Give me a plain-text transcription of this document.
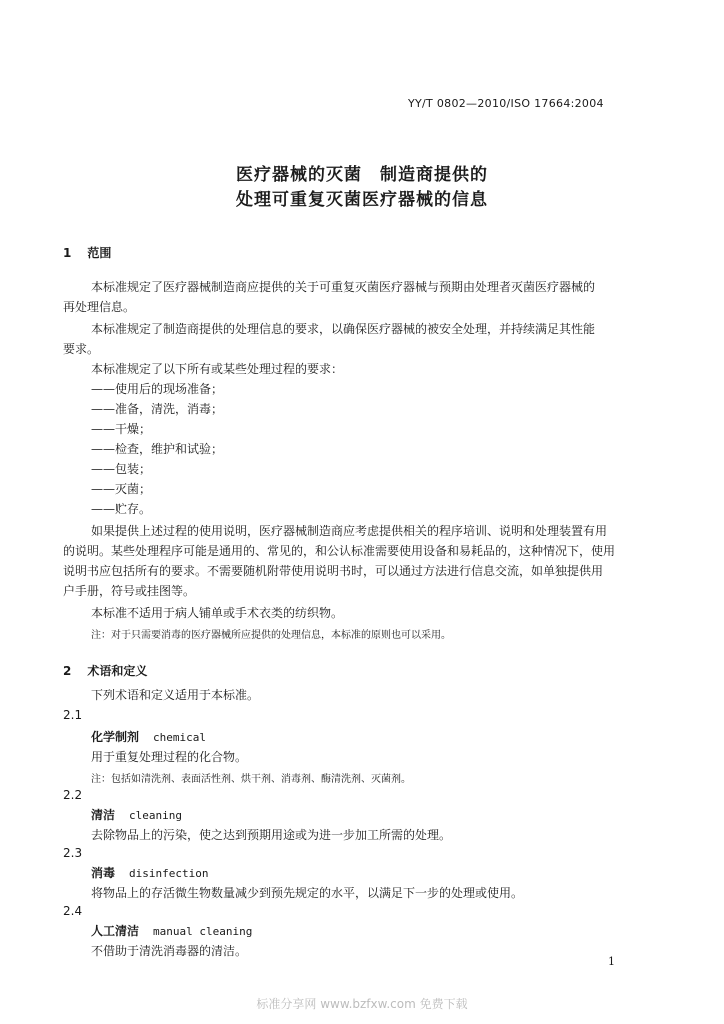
YY/T 0802—2010/ISO 17664:2004
医疗器械的灭菌　制造商提供的
处理可重复灭菌医疗器械的信息
1 范围
本标准规定了医疗器械制造商应提供的关于可重复灭菌医疗器械与预期由处理者灭菌医疗器械的
再处理信息。
本标准规定了制造商提供的处理信息的要求，以确保医疗器械的被安全处理，并持续满足其性能
要求。
本标准规定了以下所有或某些处理过程的要求：
——使用后的现场准备；
——准备，清洗，消毒；
——干燥；
——检查，维护和试验；
——包装；
——灭菌；
——贮存。
如果提供上述过程的使用说明，医疗器械制造商应考虑提供相关的程序培训、说明和处理装置有用
的说明。某些处理程序可能是通用的、常见的，和公认标准需要使用设备和易耗品的，这种情况下，使用
说明书应包括所有的要求。不需要随机附带使用说明书时，可以通过方法进行信息交流，如单独提供用
户手册，符号或挂图等。
本标准不适用于病人铺单或手术衣类的纺织物。
注：对于只需要消毒的医疗器械所应提供的处理信息，本标准的原则也可以采用。
2 术语和定义
下列术语和定义适用于本标准。
2.1
化学制剂 chemical
用于重复处理过程的化合物。
注：包括如清洗剂、表面活性剂、烘干剂、消毒剂、酶清洗剂、灭菌剂。
2.2
清洁 cleaning
去除物品上的污染，使之达到预期用途或为进一步加工所需的处理。
2.3
消毒 disinfection
将物品上的存活微生物数量减少到预先规定的水平，以满足下一步的处理或使用。
2.4
人工清洁 manual cleaning
不借助于清洗消毒器的清洁。
1
标准分享网 www.bzfxw.com 免费下载
